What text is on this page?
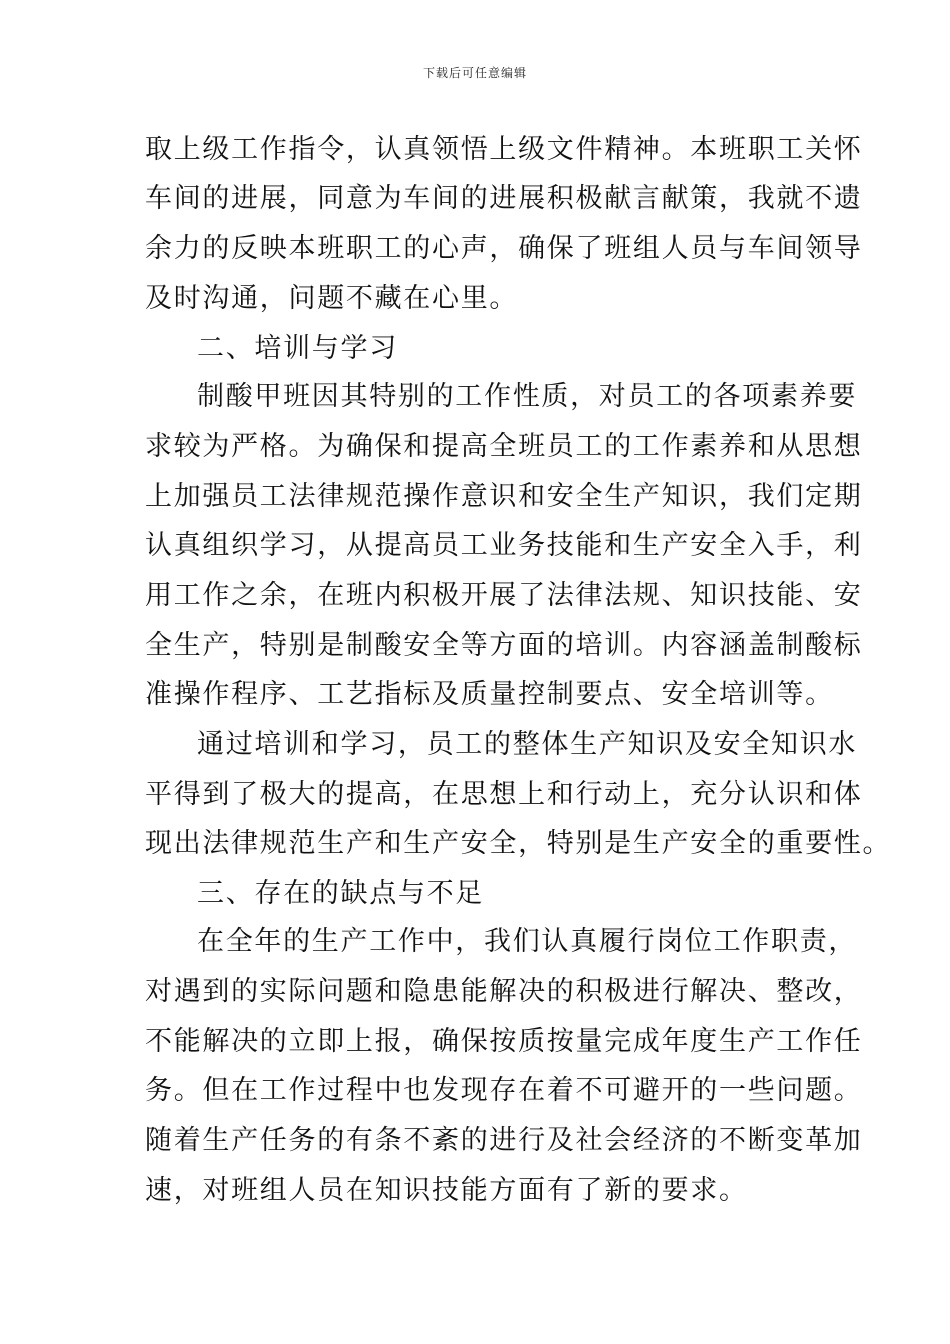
下载后可任意编辑
取上级工作指令，认真领悟上级文件精神。本班职工关怀
车间的进展，同意为车间的进展积极献言献策，我就不遗
余力的反映本班职工的心声，确保了班组人员与车间领导
及时沟通，问题不藏在心里。
二、培训与学习
制酸甲班因其特别的工作性质，对员工的各项素养要
求较为严格。为确保和提高全班员工的工作素养和从思想
上加强员工法律规范操作意识和安全生产知识，我们定期
认真组织学习，从提高员工业务技能和生产安全入手，利
用工作之余，在班内积极开展了法律法规、知识技能、安
全生产，特别是制酸安全等方面的培训。内容涵盖制酸标
准操作程序、工艺指标及质量控制要点、安全培训等。
通过培训和学习，员工的整体生产知识及安全知识水
平得到了极大的提高，在思想上和行动上，充分认识和体
现出法律规范生产和生产安全，特别是生产安全的重要性。
三、存在的缺点与不足
在全年的生产工作中，我们认真履行岗位工作职责，
对遇到的实际问题和隐患能解决的积极进行解决、整改，
不能解决的立即上报，确保按质按量完成年度生产工作任
务。但在工作过程中也发现存在着不可避开的一些问题。
随着生产任务的有条不紊的进行及社会经济的不断变革加
速，对班组人员在知识技能方面有了新的要求。
